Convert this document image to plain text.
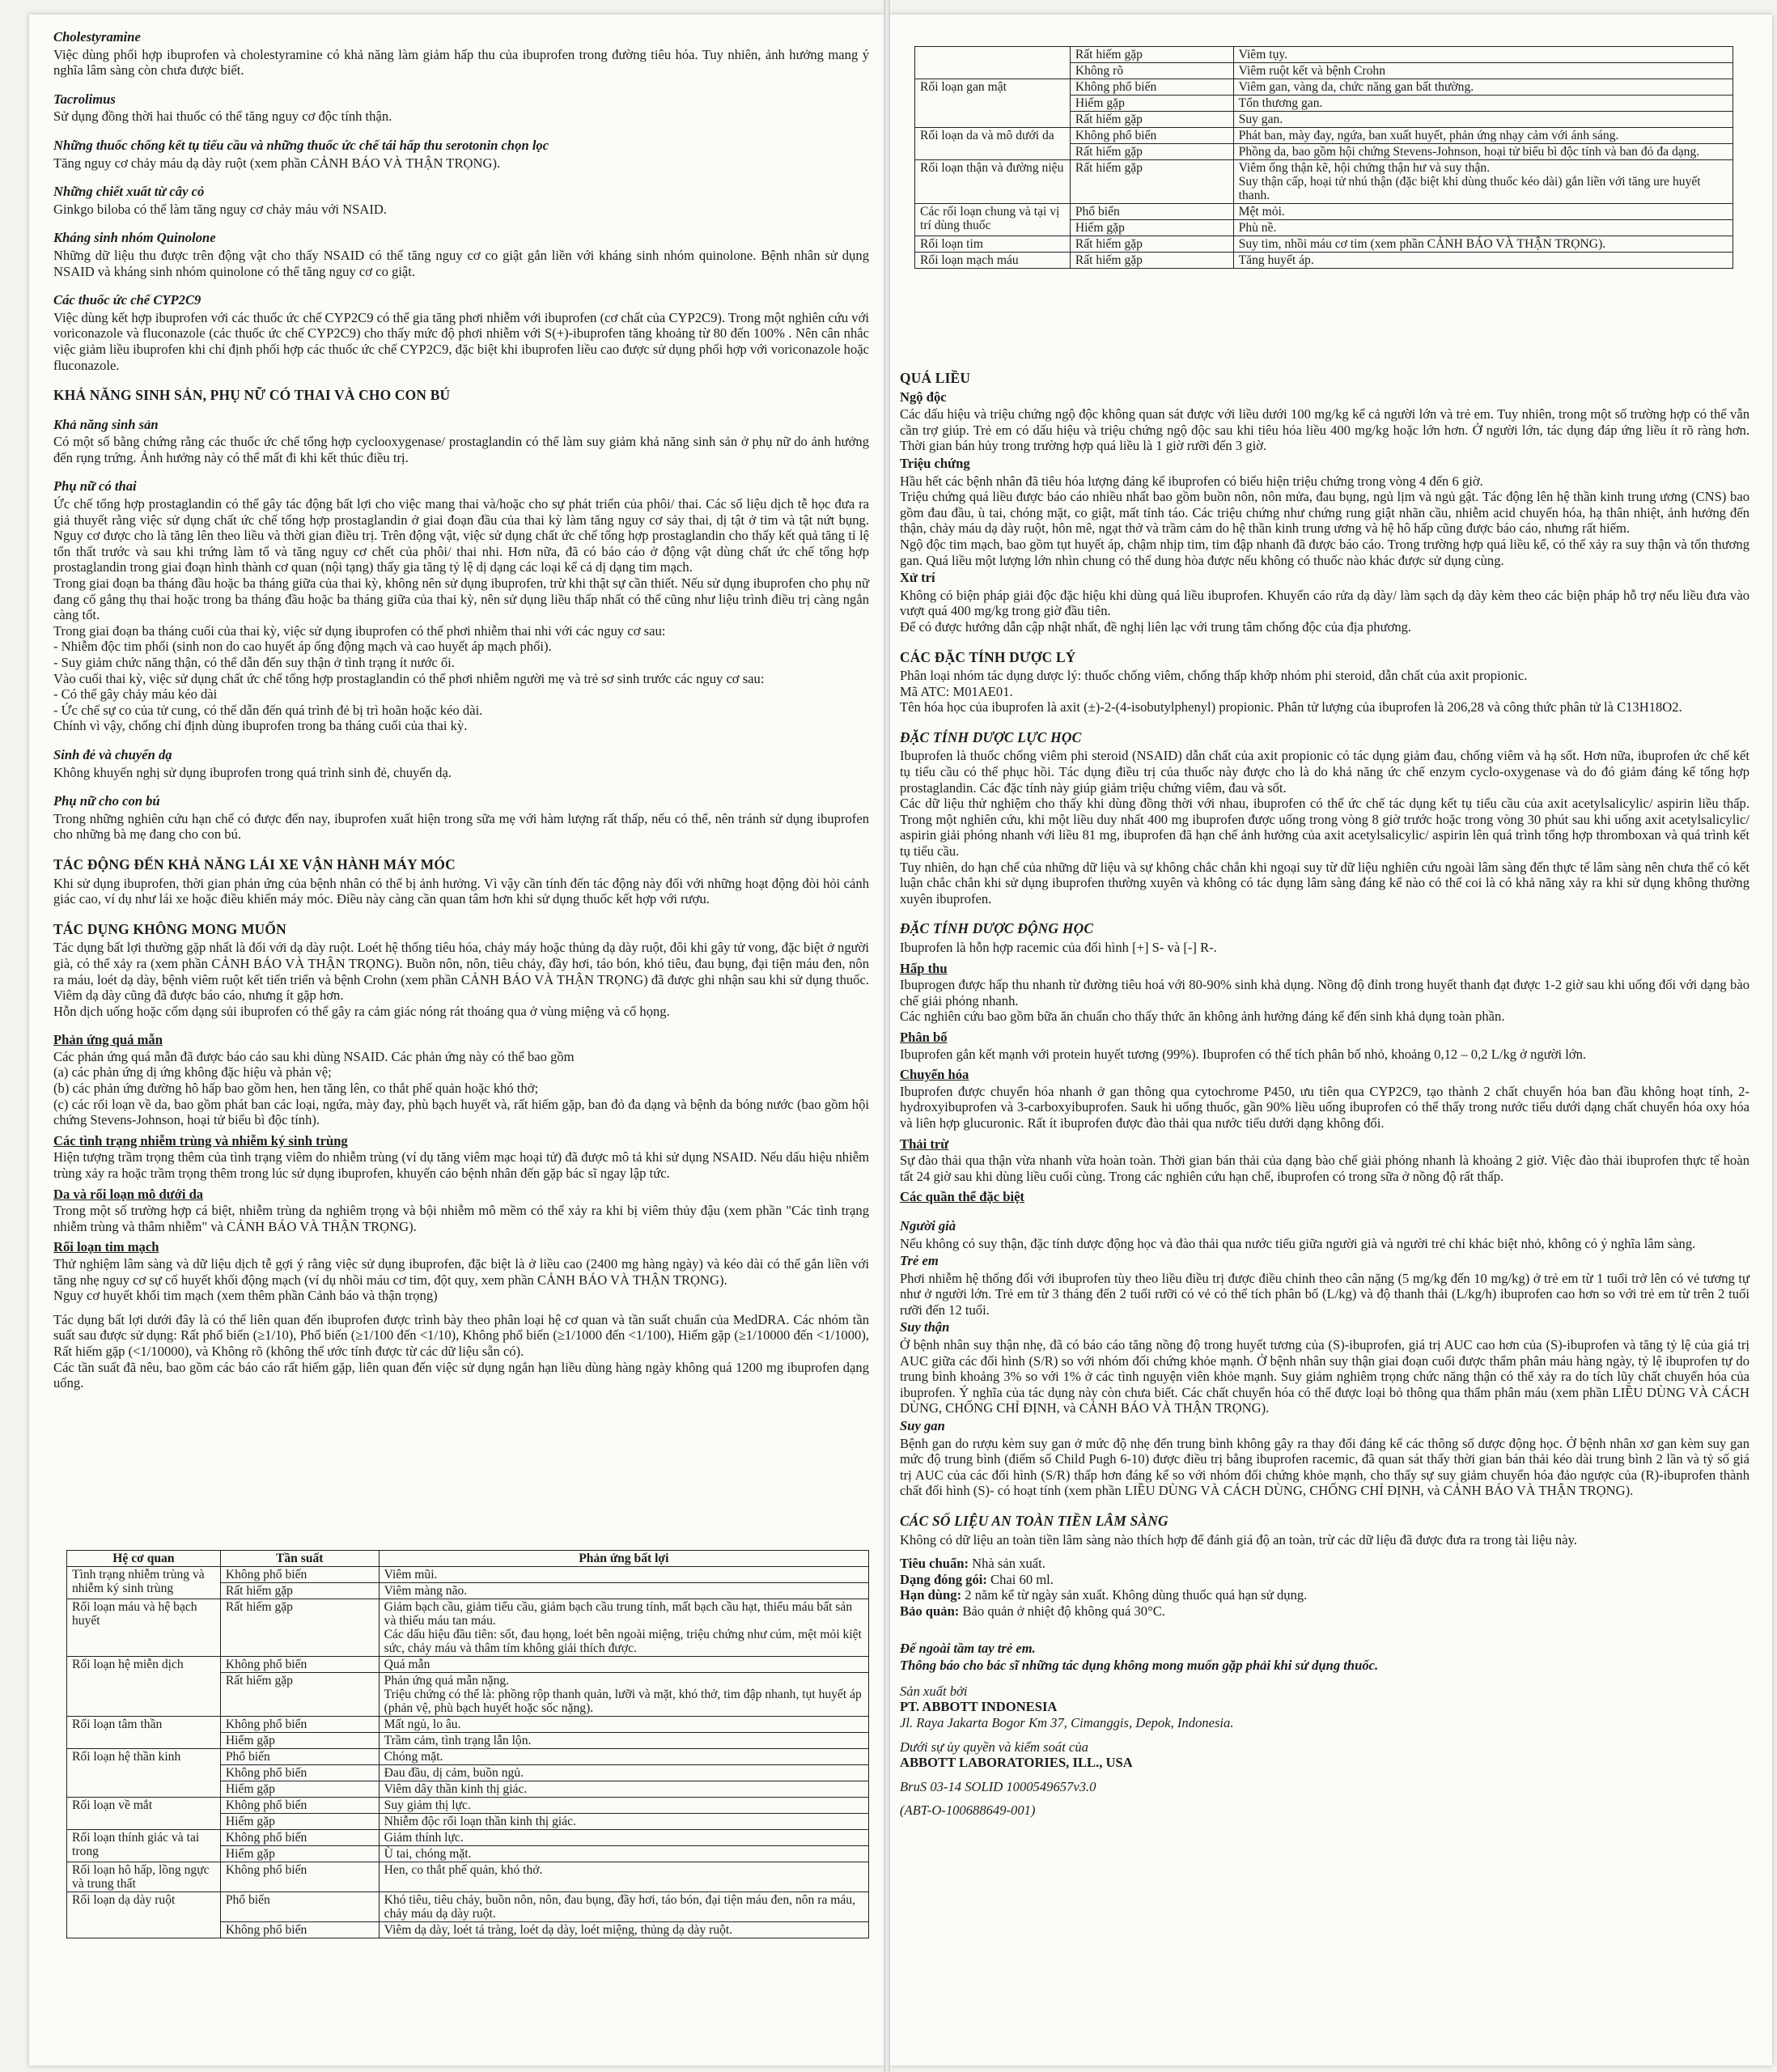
Cholestyramine
Việc dùng phối hợp ibuprofen và cholestyramine có khả năng làm giảm hấp thu của ibuprofen trong đường tiêu hóa. Tuy nhiên, ảnh hưởng mang ý nghĩa lâm sàng còn chưa được biết.
Tacrolimus
Sử dụng đồng thời hai thuốc có thể tăng nguy cơ độc tính thận.
Những thuốc chống kết tụ tiểu cầu và những thuốc ức chế tái hấp thu serotonin chọn lọc
Tăng nguy cơ chảy máu dạ dày ruột (xem phần CẢNH BÁO VÀ THẬN TRỌNG).
Những chiết xuất từ cây cỏ
Ginkgo biloba có thể làm tăng nguy cơ chảy máu với NSAID.
Kháng sinh nhóm Quinolone
Những dữ liệu thu được trên động vật cho thấy NSAID có thể tăng nguy cơ co giật gắn liền với kháng sinh nhóm quinolone. Bệnh nhân sử dụng NSAID và kháng sinh nhóm quinolone có thể tăng nguy cơ co giật.
Các thuốc ức chế CYP2C9
Việc dùng kết hợp ibuprofen với các thuốc ức chế CYP2C9 có thể gia tăng phơi nhiễm với ibuprofen (cơ chất của CYP2C9). Trong một nghiên cứu với voriconazole và fluconazole (các thuốc ức chế CYP2C9) cho thấy mức độ phơi nhiễm với S(+)-ibuprofen tăng khoảng từ 80 đến 100% . Nên cân nhắc việc giảm liều ibuprofen khi chỉ định phối hợp các thuốc ức chế CYP2C9, đặc biệt khi ibuprofen liều cao được sử dụng phối hợp với voriconazole hoặc fluconazole.
KHẢ NĂNG SINH SẢN, PHỤ NỮ CÓ THAI VÀ CHO CON BÚ
Khả năng sinh sản
Có một số bằng chứng rằng các thuốc ức chế tổng hợp cyclooxygenase/ prostaglandin có thể làm suy giảm khả năng sinh sản ở phụ nữ do ảnh hưởng đến rụng trứng. Ảnh hưởng này có thể mất đi khi kết thúc điều trị.
Phụ nữ có thai
Ức chế tổng hợp prostaglandin có thể gây tác động bất lợi cho việc mang thai và/hoặc cho sự phát triển của phôi/ thai. Các số liệu dịch tễ học đưa ra giả thuyết rằng việc sử dụng chất ức chế tổng hợp prostaglandin ở giai đoạn đầu của thai kỳ làm tăng nguy cơ sảy thai, dị tật ở tim và tật nứt bụng. Nguy cơ được cho là tăng lên theo liều và thời gian điều trị. Trên động vật, việc sử dụng chất ức chế tổng hợp prostaglandin cho thấy kết quả tăng tỉ lệ tổn thất trước và sau khi trứng làm tổ và tăng nguy cơ chết của phôi/ thai nhi. Hơn nữa, đã có báo cáo ở động vật dùng chất ức chế tổng hợp prostaglandin trong giai đoạn hình thành cơ quan (nội tạng) thấy gia tăng tỷ lệ dị dạng các loại kể cả dị dạng tim mạch.
Trong giai đoạn ba tháng đầu hoặc ba tháng giữa của thai kỳ, không nên sử dụng ibuprofen, trừ khi thật sự cần thiết. Nếu sử dụng ibuprofen cho phụ nữ đang cố gắng thụ thai hoặc trong ba tháng đầu hoặc ba tháng giữa của thai kỳ, nên sử dụng liều thấp nhất có thể cũng như liệu trình điều trị càng ngắn càng tốt.
Trong giai đoạn ba tháng cuối của thai kỳ, việc sử dụng ibuprofen có thể phơi nhiễm thai nhi với các nguy cơ sau:
- Nhiễm độc tim phổi (sinh non do cao huyết áp ống động mạch và cao huyết áp mạch phổi).
- Suy giảm chức năng thận, có thể dẫn đến suy thận ở tình trạng ít nước ối.
Vào cuối thai kỳ, việc sử dụng chất ức chế tổng hợp prostaglandin có thể phơi nhiễm người mẹ và trẻ sơ sinh trước các nguy cơ sau:
- Có thể gây chảy máu kéo dài
- Ức chế sự co của tử cung, có thể dẫn đến quá trình đẻ bị trì hoãn hoặc kéo dài.
Chính vì vậy, chống chỉ định dùng ibuprofen trong ba tháng cuối của thai kỳ.
Sinh đẻ và chuyển dạ
Không khuyến nghị sử dụng ibuprofen trong quá trình sinh đẻ, chuyển dạ.
Phụ nữ cho con bú
Trong những nghiên cứu hạn chế có được đến nay, ibuprofen xuất hiện trong sữa mẹ với hàm lượng rất thấp, nếu có thể, nên tránh sử dụng ibuprofen cho những bà mẹ đang cho con bú.
TÁC ĐỘNG ĐẾN KHẢ NĂNG LÁI XE VẬN HÀNH MÁY MÓC
Khi sử dụng ibuprofen, thời gian phản ứng của bệnh nhân có thể bị ảnh hưởng. Vì vậy cần tính đến tác động này đối với những hoạt động đòi hỏi cảnh giác cao, ví dụ như lái xe hoặc điều khiển máy móc. Điều này càng cần quan tâm hơn khi sử dụng thuốc kết hợp với rượu.
TÁC DỤNG KHÔNG MONG MUỐN
Tác dụng bất lợi thường gặp nhất là đối với dạ dày ruột. Loét hệ thống tiêu hóa, chảy máy hoặc thủng dạ dày ruột, đôi khi gây tử vong, đặc biệt ở người già, có thể xảy ra (xem phần CẢNH BÁO VÀ THẬN TRỌNG). Buồn nôn, nôn, tiêu chảy, đầy hơi, táo bón, khó tiêu, đau bụng, đại tiện máu đen, nôn ra máu, loét dạ dày, bệnh viêm ruột kết tiến triển và bệnh Crohn (xem phần CẢNH BÁO VÀ THẬN TRỌNG) đã được ghi nhận sau khi sử dụng thuốc. Viêm dạ dày cũng đã được báo cáo, nhưng ít gặp hơn.
Hỗn dịch uống hoặc cốm dạng sủi ibuprofen có thể gây ra cảm giác nóng rát thoáng qua ở vùng miệng và cổ họng.
Phản ứng quá mẫn
Các phản ứng quá mẫn đã được báo cáo sau khi dùng NSAID. Các phản ứng này có thể bao gồm
(a) các phản ứng dị ứng không đặc hiệu và phản vệ;
(b) các phản ứng đường hô hấp bao gồm hen, hen tăng lên, co thắt phế quản hoặc khó thở;
(c) các rối loạn về da, bao gồm phát ban các loại, ngứa, mày đay, phù bạch huyết và, rất hiếm gặp, ban đỏ đa dạng và bệnh da bóng nước (bao gồm hội chứng Stevens-Johnson, hoại tử biểu bì độc tính).
Các tình trạng nhiễm trùng và nhiễm ký sinh trùng
Hiện tượng trầm trọng thêm của tình trạng viêm do nhiễm trùng (ví dụ tăng viêm mạc hoại tử) đã được mô tả khi sử dụng NSAID. Nếu dấu hiệu nhiễm trùng xảy ra hoặc trầm trọng thêm trong lúc sử dụng ibuprofen, khuyến cáo bệnh nhân đến gặp bác sĩ ngay lập tức.
Da và rối loạn mô dưới da
Trong một số trường hợp cá biệt, nhiễm trùng da nghiêm trọng và bội nhiễm mô mềm có thể xảy ra khi bị viêm thủy đậu (xem phần "Các tình trạng nhiễm trùng và thâm nhiễm" và CẢNH BÁO VÀ THẬN TRỌNG).
Rối loạn tim mạch
Thử nghiệm lâm sàng và dữ liệu dịch tễ gợi ý rằng việc sử dụng ibuprofen, đặc biệt là ở liều cao (2400 mg hàng ngày) và kéo dài có thể gắn liền với tăng nhẹ nguy cơ sự cố huyết khối động mạch (ví dụ nhồi máu cơ tim, đột quỵ, xem phần CẢNH BÁO VÀ THẬN TRỌNG).
Nguy cơ huyết khối tim mạch (xem thêm phần Cảnh báo và thận trọng)
Tác dụng bất lợi dưới đây là có thể liên quan đến ibuprofen được trình bày theo phân loại hệ cơ quan và tần suất chuẩn của MedDRA. Các nhóm tần suất sau được sử dụng: Rất phổ biến (≥1/10), Phổ biến (≥1/100 đến <1/10), Không phổ biến (≥1/1000 đến <1/100), Hiếm gặp (≥1/10000 đến <1/1000), Rất hiếm gặp (<1/10000), và Không rõ (không thể ước tính được từ các dữ liệu sẵn có).
Các tần suất đã nêu, bao gồm các báo cáo rất hiếm gặp, liên quan đến việc sử dụng ngắn hạn liều dùng hàng ngày không quá 1200 mg ibuprofen dạng uống.
Hệ cơ quan	Tần suất	Phản ứng bất lợi
Tình trạng nhiễm trùng và nhiễm ký sinh trùng	Không phổ biến	Viêm mũi.
	Rất hiếm gặp	Viêm màng não.
Rối loạn máu và hệ bạch huyết	Rất hiếm gặp	Giảm bạch cầu, giảm tiểu cầu, giảm bạch cầu trung tính, mất bạch cầu hạt, thiếu máu bất sản và thiếu máu tan máu.
Các dấu hiệu đầu tiên: sốt, đau họng, loét bên ngoài miệng, triệu chứng như cúm, mệt mỏi kiệt sức, chảy máu và thâm tím không giải thích được.
Rối loạn hệ miễn dịch	Không phổ biến	Quá mẫn
	Rất hiếm gặp	Phản ứng quá mẫn nặng.
Triệu chứng có thể là: phồng rộp thanh quản, lưỡi và mặt, khó thở, tim đập nhanh, tụt huyết áp (phản vệ, phù bạch huyết hoặc sốc nặng).
Rối loạn tâm thần	Không phổ biến	Mất ngủ, lo âu.
	Hiếm gặp	Trầm cảm, tình trạng lẫn lộn.
Rối loạn hệ thần kinh	Phổ biến	Chóng mặt.
	Không phổ biến	Đau đầu, dị cảm, buồn ngủ.
	Hiếm gặp	Viêm dây thần kinh thị giác.
Rối loạn về mắt	Không phổ biến	Suy giảm thị lực.
	Hiếm gặp	Nhiễm độc rối loạn thần kinh thị giác.
Rối loạn thính giác và tai trong	Không phổ biến	Giảm thính lực.
	Hiếm gặp	Ù tai, chóng mặt.
Rối loạn hô hấp, lồng ngực và trung thất	Không phổ biến	Hen, co thắt phế quản, khó thở.
Rối loạn dạ dày ruột	Phổ biến	Khó tiêu, tiêu chảy, buồn nôn, nôn, đau bụng, đầy hơi, táo bón, đại tiện máu đen, nôn ra máu, chảy máu dạ dày ruột.
	Không phổ biến	Viêm dạ dày, loét tá tràng, loét dạ dày, loét miệng, thủng dạ dày ruột.
	Rất hiếm gặp	Viêm tụy.
	Không rõ	Viêm ruột kết và bệnh Crohn
Rối loạn gan mật	Không phổ biến	Viêm gan, vàng da, chức năng gan bất thường.
	Hiếm gặp	Tổn thương gan.
	Rất hiếm gặp	Suy gan.
Rối loạn da và mô dưới da	Không phổ biến	Phát ban, mày đay, ngứa, ban xuất huyết, phản ứng nhạy cảm với ánh sáng.
	Rất hiếm gặp	Phồng da, bao gồm hội chứng Stevens-Johnson, hoại tử biểu bì độc tính và ban đỏ đa dạng.
Rối loạn thận và đường niệu	Rất hiếm gặp	Viêm ống thận kẽ, hội chứng thận hư và suy thận.
Suy thận cấp, hoại tử nhú thận (đặc biệt khi dùng thuốc kéo dài) gắn liền với tăng ure huyết thanh.
Các rối loạn chung và tại vị trí dùng thuốc	Phổ biến	Mệt mỏi.
	Hiếm gặp	Phù nề.
Rối loạn tim	Rất hiếm gặp	Suy tim, nhồi máu cơ tim (xem phần CẢNH BÁO VÀ THẬN TRỌNG).
Rối loạn mạch máu	Rất hiếm gặp	Tăng huyết áp.
QUÁ LIỀU
Ngộ độc
Các dấu hiệu và triệu chứng ngộ độc không quan sát được với liều dưới 100 mg/kg kể cả người lớn và trẻ em. Tuy nhiên, trong một số trường hợp có thể vẫn cần trợ giúp. Trẻ em có dấu hiệu và triệu chứng ngộ độc sau khi tiêu hóa liều 400 mg/kg hoặc lớn hơn. Ở người lớn, tác dụng đáp ứng liều ít rõ ràng hơn. Thời gian bán hủy trong trường hợp quá liều là 1 giờ rưỡi đến 3 giờ.
Triệu chứng
Hầu hết các bệnh nhân đã tiêu hóa lượng đáng kể ibuprofen có biểu hiện triệu chứng trong vòng 4 đến 6 giờ.
Triệu chứng quá liều được báo cáo nhiều nhất bao gồm buồn nôn, nôn mửa, đau bụng, ngủ lịm và ngủ gật. Tác động lên hệ thần kinh trung ương (CNS) bao gồm đau đầu, ù tai, chóng mặt, co giật, mất tỉnh táo. Các triệu chứng như chứng rung giật nhãn cầu, nhiễm acid chuyển hóa, hạ thân nhiệt, ảnh hưởng đến thận, chảy máu dạ dày ruột, hôn mê, ngạt thở và trầm cảm do hệ thần kinh trung ương và hệ hô hấp cũng được báo cáo, nhưng rất hiếm.
Ngộ độc tim mạch, bao gồm tụt huyết áp, chậm nhịp tim, tim đập nhanh đã được báo cáo. Trong trường hợp quá liều kể, có thể xảy ra suy thận và tổn thương gan. Quá liều một lượng lớn nhìn chung có thể dung hòa được nếu không có thuốc nào khác được sử dụng cùng.
Xử trí
Không có biện pháp giải độc đặc hiệu khi dùng quá liều ibuprofen. Khuyến cáo rửa dạ dày/ làm sạch dạ dày kèm theo các biện pháp hỗ trợ nếu liều đưa vào vượt quá 400 mg/kg trong giờ đầu tiên.
Để có được hướng dẫn cập nhật nhất, đề nghị liên lạc với trung tâm chống độc của địa phương.
CÁC ĐẶC TÍNH DƯỢC LÝ
Phân loại nhóm tác dụng dược lý: thuốc chống viêm, chống thấp khớp nhóm phi steroid, dẫn chất của axit propionic.
Mã ATC: M01AE01.
Tên hóa học của ibuprofen là axit (±)-2-(4-isobutylphenyl) propionic. Phân tử lượng của ibuprofen là 206,28 và công thức phân tử là C13H18O2.
ĐẶC TÍNH DƯỢC LỰC HỌC
Ibuprofen là thuốc chống viêm phi steroid (NSAID) dẫn chất của axit propionic có tác dụng giảm đau, chống viêm và hạ sốt. Hơn nữa, ibuprofen ức chế kết tụ tiểu cầu có thể phục hồi. Tác dụng điều trị của thuốc này được cho là do khả năng ức chế enzym cyclo-oxygenase và do đó giảm đáng kể tổng hợp prostaglandin. Các đặc tính này giúp giảm triệu chứng viêm, đau và sốt.
Các dữ liệu thử nghiệm cho thấy khi dùng đồng thời với nhau, ibuprofen có thể ức chế tác dụng kết tụ tiểu cầu của axit acetylsalicylic/ aspirin liều thấp. Trong một nghiên cứu, khi một liều duy nhất 400 mg ibuprofen được uống trong vòng 8 giờ trước hoặc trong vòng 30 phút sau khi uống axit acetylsalicylic/ aspirin giải phóng nhanh với liều 81 mg, ibuprofen đã hạn chế ảnh hưởng của axit acetylsalicylic/ aspirin lên quá trình tổng hợp thromboxan và quá trình kết tụ tiểu cầu.
Tuy nhiên, do hạn chế của những dữ liệu và sự không chắc chắn khi ngoại suy từ dữ liệu nghiên cứu ngoài lâm sàng đến thực tế lâm sàng nên chưa thể có kết luận chắc chắn khi sử dụng ibuprofen thường xuyên và không có tác dụng lâm sàng đáng kể nào có thể coi là có khả năng xảy ra khi sử dụng không thường xuyên ibuprofen.
ĐẶC TÍNH DƯỢC ĐỘNG HỌC
Ibuprofen là hỗn hợp racemic của đối hình [+] S- và [-] R-.
Hấp thu
Ibuprogen được hấp thu nhanh từ đường tiêu hoá với 80-90% sinh khả dụng. Nồng độ đỉnh trong huyết thanh đạt được 1-2 giờ sau khi uống đối với dạng bào chế giải phóng nhanh.
Các nghiên cứu bao gồm bữa ăn chuẩn cho thấy thức ăn không ảnh hưởng đáng kể đến sinh khả dụng toàn phần.
Phân bố
Ibuprofen gắn kết mạnh với protein huyết tương (99%). Ibuprofen có thể tích phân bố nhỏ, khoảng 0,12 – 0,2 L/kg ở người lớn.
Chuyển hóa
Ibuprofen được chuyển hóa nhanh ở gan thông qua cytochrome P450, ưu tiên qua CYP2C9, tạo thành 2 chất chuyển hóa ban đầu không hoạt tính, 2-hydroxyibuprofen và 3-carboxyibuprofen. Sauk hi uống thuốc, gần 90% liều uống ibuprofen có thể thấy trong nước tiểu dưới dạng chất chuyển hóa oxy hóa và liên hợp glucuronic. Rất ít ibuprofen được đào thải qua nước tiểu dưới dạng không đổi.
Thải trừ
Sự đào thải qua thận vừa nhanh vừa hoàn toàn. Thời gian bán thải của dạng bào chế giải phóng nhanh là khoảng 2 giờ. Việc đào thải ibuprofen thực tế hoàn tất 24 giờ sau khi dùng liều cuối cùng. Trong các nghiên cứu hạn chế, ibuprofen có trong sữa ở nồng độ rất thấp.
Các quần thể đặc biệt
Người già
Nếu không có suy thận, đặc tính dược động học và đào thải qua nước tiểu giữa người già và người trẻ chỉ khác biệt nhỏ, không có ý nghĩa lâm sàng.
Trẻ em
Phơi nhiễm hệ thống đối với ibuprofen tùy theo liều điều trị được điều chỉnh theo cân nặng (5 mg/kg đến 10 mg/kg) ở trẻ em từ 1 tuổi trở lên có vẻ tương tự như ở người lớn. Trẻ em từ 3 tháng đến 2 tuổi rưỡi có vẻ có thể tích phân bố (L/kg) và độ thanh thải (L/kg/h) ibuprofen cao hơn so với trẻ em từ trên 2 tuổi rưỡi đến 12 tuổi.
Suy thận
Ở bệnh nhân suy thận nhẹ, đã có báo cáo tăng nồng độ trong huyết tương của (S)-ibuprofen, giá trị AUC cao hơn của (S)-ibuprofen và tăng tỷ lệ của giá trị AUC giữa các đối hình (S/R) so với nhóm đối chứng khỏe mạnh. Ở bệnh nhân suy thận giai đoạn cuối được thẩm phân máu hàng ngày, tỷ lệ ibuprofen tự do trung bình khoảng 3% so với 1% ở các tình nguyện viên khỏe mạnh. Suy giảm nghiêm trọng chức năng thận có thể xảy ra do tích lũy chất chuyển hóa của ibuprofen. Ý nghĩa của tác dụng này còn chưa biết. Các chất chuyển hóa có thể được loại bỏ thông qua thẩm phân máu (xem phần LIỀU DÙNG VÀ CÁCH DÙNG, CHỐNG CHỈ ĐỊNH, và CẢNH BÁO VÀ THẬN TRỌNG).
Suy gan
Bệnh gan do rượu kèm suy gan ở mức độ nhẹ đến trung bình không gây ra thay đổi đáng kể các thông số dược động học. Ở bệnh nhân xơ gan kèm suy gan mức độ trung bình (điểm số Child Pugh 6-10) được điều trị bằng ibuprofen racemic, đã quan sát thấy thời gian bán thải kéo dài trung bình 2 lần và tỷ số giá trị AUC của các đối hình (S/R) thấp hơn đáng kể so với nhóm đối chứng khỏe mạnh, cho thấy sự suy giảm chuyển hóa đảo ngược của (R)-ibuprofen thành chất đối hình (S)- có hoạt tính (xem phần LIỀU DÙNG VÀ CÁCH DÙNG, CHỐNG CHỈ ĐỊNH, và CẢNH BÁO VÀ THẬN TRỌNG).
CÁC SỐ LIỆU AN TOÀN TIỀN LÂM SÀNG
Không có dữ liệu an toàn tiền lâm sàng nào thích hợp để đánh giá độ an toàn, trừ các dữ liệu đã được đưa ra trong tài liệu này.
Tiêu chuẩn: Nhà sản xuất.
Dạng đóng gói: Chai 60 ml.
Hạn dùng: 2 năm kể từ ngày sản xuất. Không dùng thuốc quá hạn sử dụng.
Bảo quản: Bảo quản ở nhiệt độ không quá 30°C.
Để ngoài tầm tay trẻ em.
Thông báo cho bác sĩ những tác dụng không mong muốn gặp phải khi sử dụng thuốc.
Sản xuất bởi
PT. ABBOTT INDONESIA
Jl. Raya Jakarta Bogor Km 37, Cimanggis, Depok, Indonesia.
Dưới sự ủy quyền và kiểm soát của
ABBOTT LABORATORIES, ILL., USA
BruS 03-14 SOLID 1000549657v3.0
(ABT-O-100688649-001)
